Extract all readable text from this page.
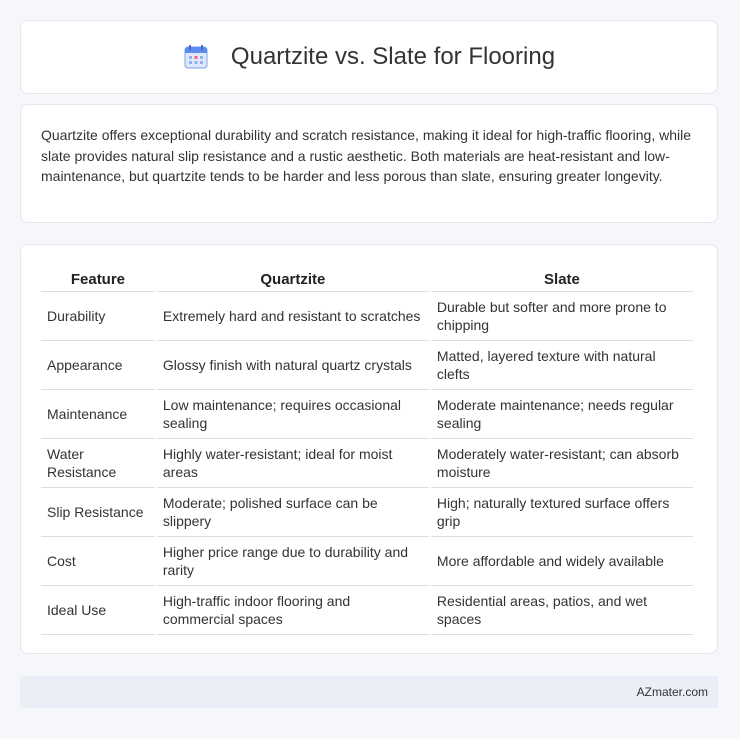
Quartzite vs. Slate for Flooring

Quartzite offers exceptional durability and scratch resistance, making it ideal for high-traffic flooring, while slate provides natural slip resistance and a rustic aesthetic. Both materials are heat-resistant and low-maintenance, but quartzite tends to be harder and less porous than slate, ensuring greater longevity.

Feature	Quartzite	Slate
Durability	Extremely hard and resistant to scratches	Durable but softer and more prone to chipping
Appearance	Glossy finish with natural quartz crystals	Matted, layered texture with natural clefts
Maintenance	Low maintenance; requires occasional sealing	Moderate maintenance; needs regular sealing
Water Resistance	Highly water-resistant; ideal for moist areas	Moderately water-resistant; can absorb moisture
Slip Resistance	Moderate; polished surface can be slippery	High; naturally textured surface offers grip
Cost	Higher price range due to durability and rarity	More affordable and widely available
Ideal Use	High-traffic indoor flooring and commercial spaces	Residential areas, patios, and wet spaces
AZmater.com
